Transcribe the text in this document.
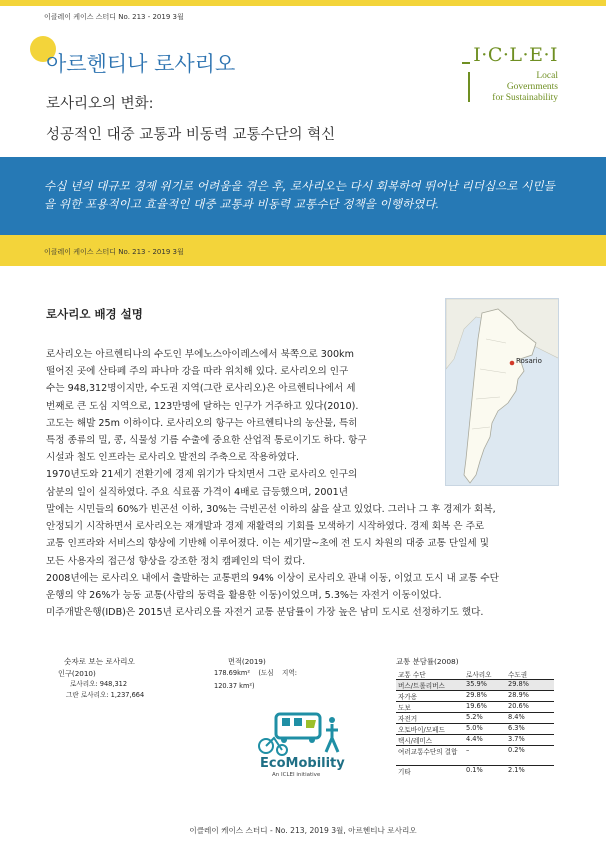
이클레이 케이스 스터디 No. 213 - 2019 3월
아르헨티나 로사리오
로사리오의 변화:
성공적인 대중 교통과 비동력 교통수단의 혁신
I·C·L·E·I
Local
Governments
for Sustainability
수십 년의 대규모 경제 위기로 어려움을 겪은 후, 로사리오는 다시 회복하여 뛰어난 리더십으로 시민들을 위한 포용적이고 효율적인 대중 교통과 비동력 교통수단 정책을 이행하였다.
이클레이 케이스 스터디 No. 213 - 2019 3월
로사리오 배경 설명
Rosario
로사리오는 아르헨티나의 수도인 부에노스아이레스에서 북쪽으로 300km
떨어진 곳에 산타페 주의 파나마 강을 따라 위치해 있다. 로사리오의 인구
수는 948,312명이지만, 수도권 지역(그란 로사리오)은 아르헨티나에서 세
번째로 큰 도심 지역으로, 123만명에 달하는 인구가 거주하고 있다(2010).
고도는 해발 25m 이하이다. 로사리오의 항구는 아르헨티나의 농산물, 특히
특정 종류의 밀, 콩, 식물성 기름 수출에 중요한 산업적 통로이기도 하다. 항구
시설과 철도 인프라는 로사리오 발전의 주축으로 작용하였다.
1970년도와 21세기 전환기에 경제 위기가 닥치면서 그란 로사리오 인구의
삼분의 일이 실직하였다. 주요 식료품 가격이 4배로 급등했으며, 2001년
말에는 시민들의 60%가 빈곤선 이하, 30%는 극빈곤선 이하의 삶을 살고 있었다. 그러나 그 후 경제가 회복,
안정되기 시작하면서 로사리오는 재개발과 경제 재활력의 기회를 모색하기 시작하였다. 경제 회복 은 주로
교통 인프라와 서비스의 향상에 기반해 이루어졌다. 이는 세기말~초에 전 도시 차원의 대중 교통 단일세 및
모든 사용자의 접근성 향상을 강조한 정치 캠페인의 덕이 컸다.
2008년에는 로사리오 내에서 출발하는 교통편의 94% 이상이 로사리오 관내 이동, 이었고 도시 내 교통 수단
운행의 약 26%가 능동 교통(사람의 동력을 활용한 이동)이었으며, 5.3%는 자전거 이동이었다.
미주개발은행(IDB)은 2015년 로사리오를 자전거 교통 분담률이 가장 높은 남미 도시로 선정하기도 했다.
숫자로 보는 로사리오
인구(2010)
로사리오: 948,312
그란 로사리오: 1,237,664
면적(2019)
178.69km²    (도심    지역:
120.37 km²)
EcoMobility
An ICLEI initiative
교통 분담률(2008)
교통 수단	로사리오	수도권
버스/트롤리버스	35.9%	29.8%
자가용	29.8%	28.9%
도보	19.6%	20.6%
자전거	5.2%	8.4%
오토바이/모페드	5.0%	6.3%
택시/레미스	4.4%	3.7%
여러교통수단의 결합	–	0.2%
기타	0.1%	2.1%
이클레이 케이스 스터디 - No. 213, 2019 3월, 아르헨티나 로사리오
